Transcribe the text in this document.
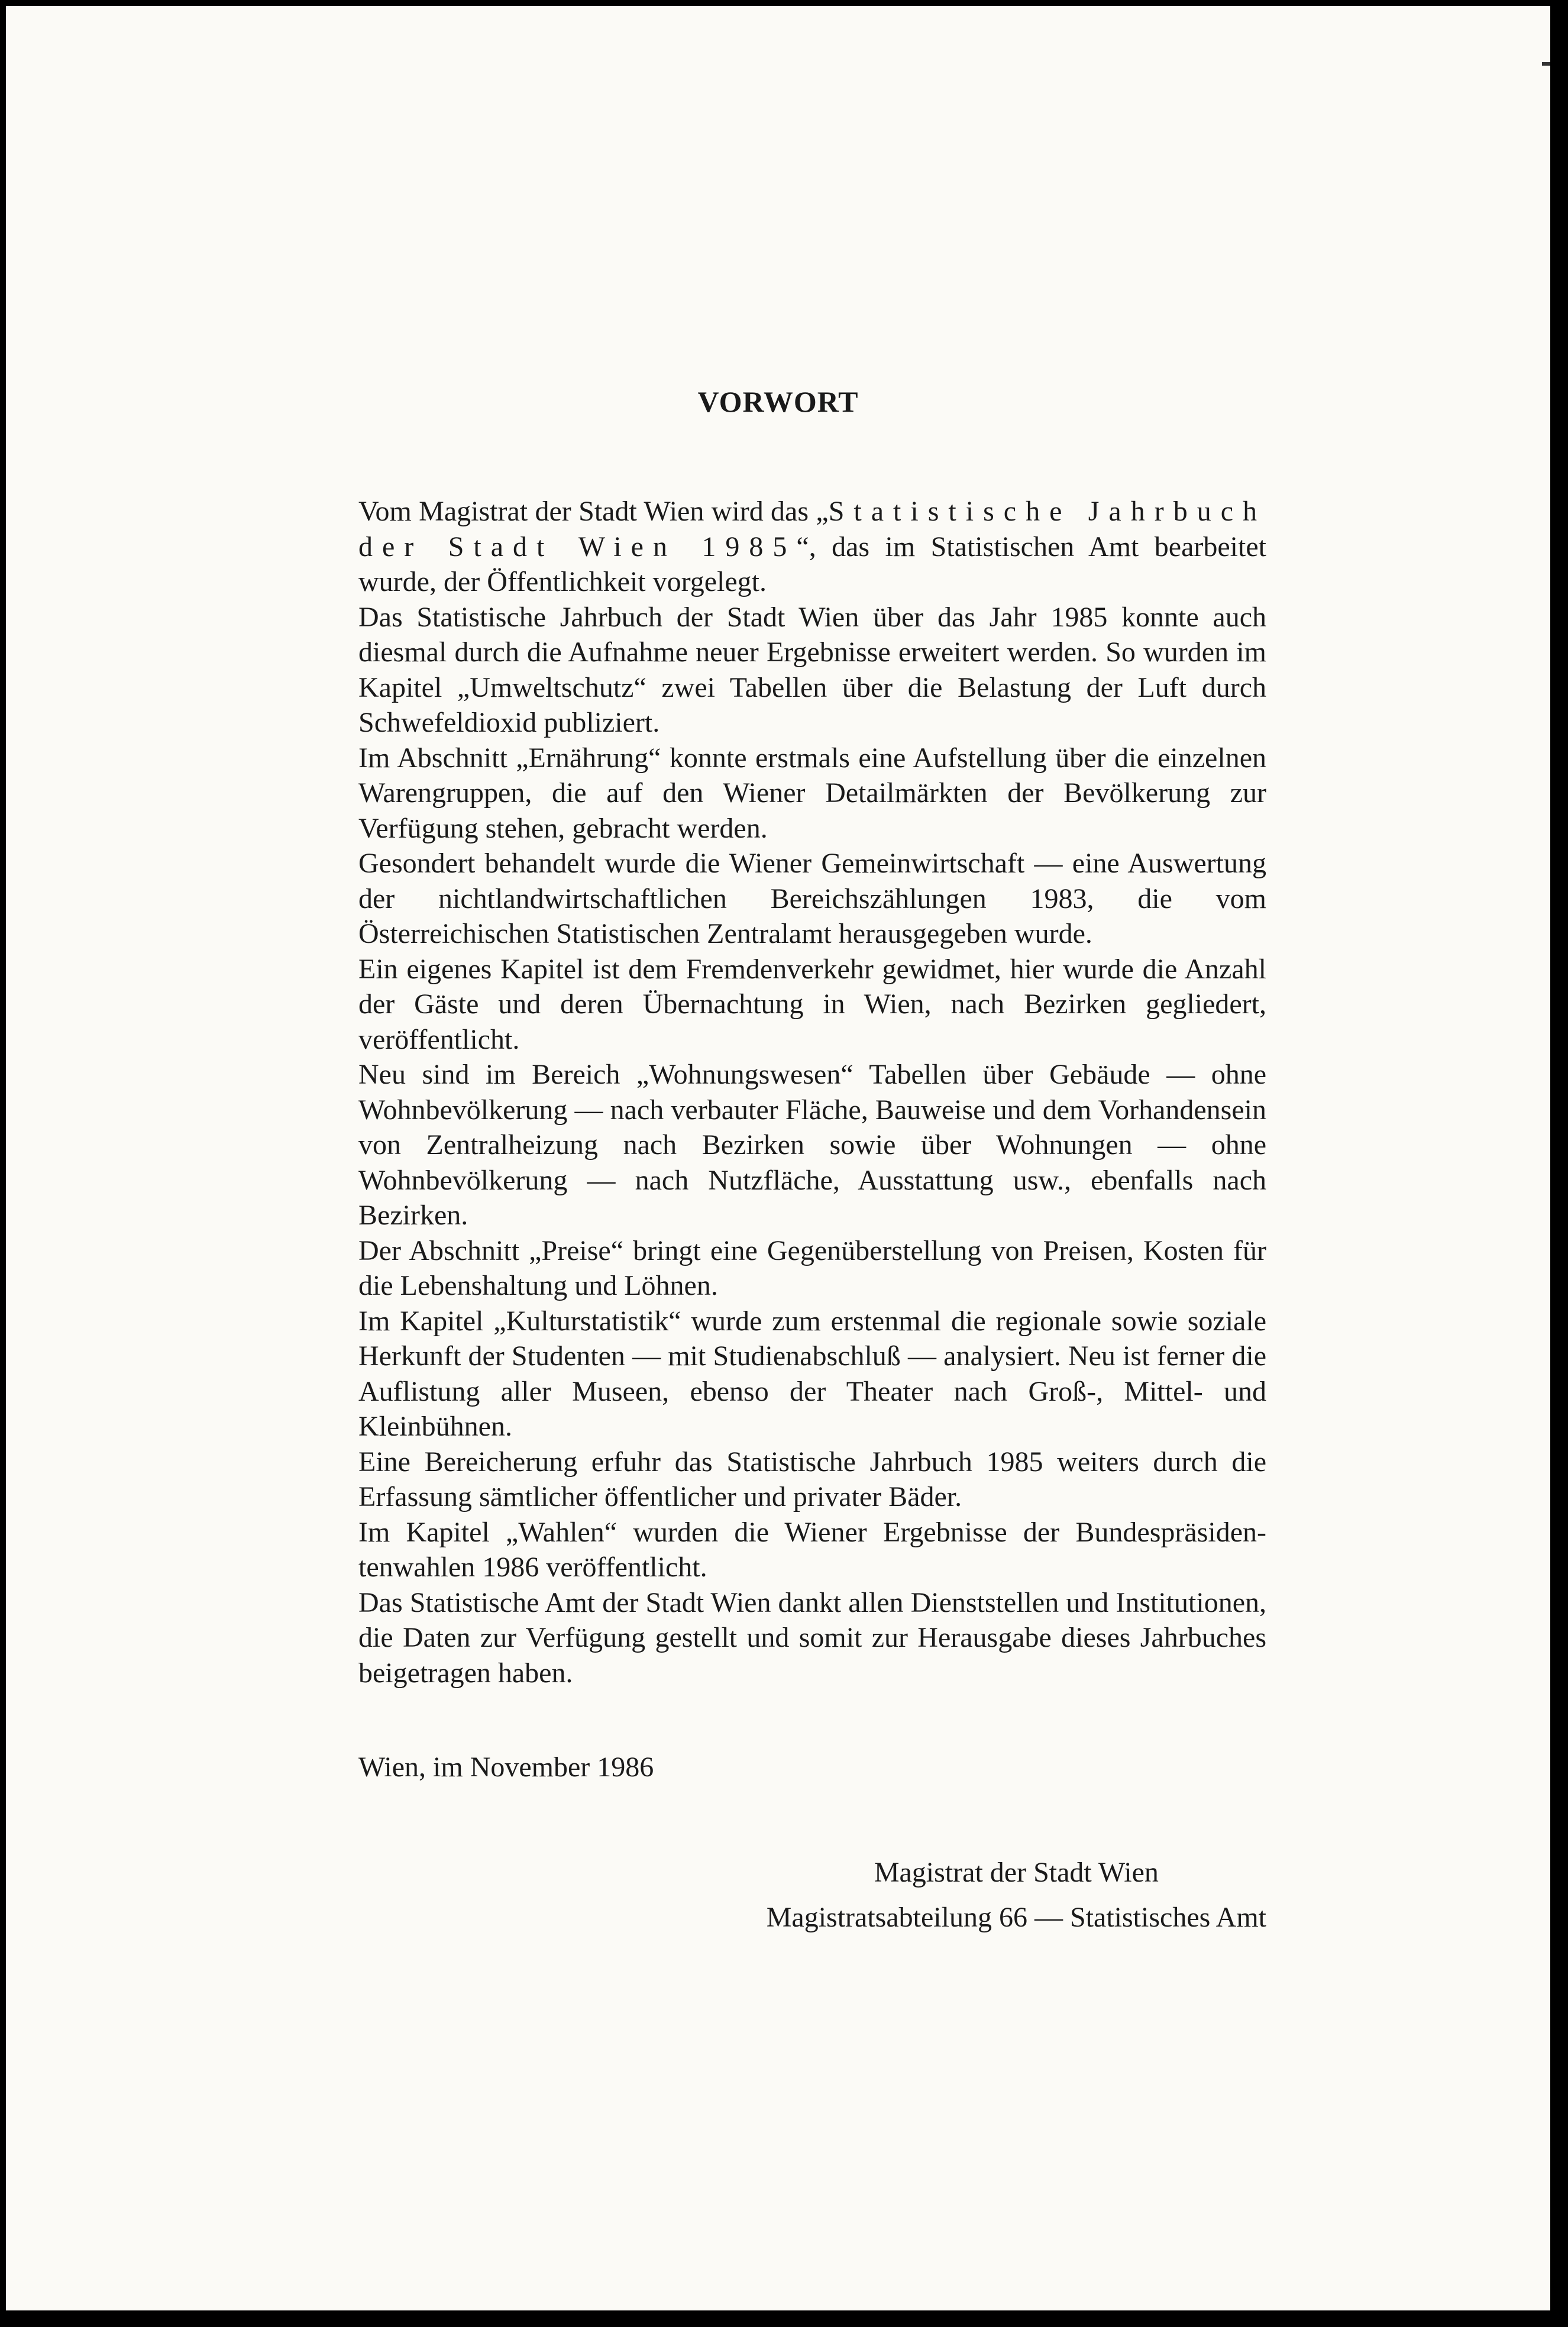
VORWORT

Vom Magistrat der Stadt Wien wird das „Statistische Jahrbuch der Stadt Wien 1985“, das im Statistischen Amt bearbeitet wurde, der Öffentlichkeit vorgelegt.

Das Statistische Jahrbuch der Stadt Wien über das Jahr 1985 konnte auch diesmal durch die Aufnahme neuer Ergebnisse erweitert werden. So wurden im Kapitel „Umweltschutz“ zwei Tabellen über die Belastung der Luft durch Schwefeldioxid publiziert.

Im Abschnitt „Ernährung“ konnte erstmals eine Aufstellung über die einzelnen Warengruppen, die auf den Wiener Detailmärkten der Bevölkerung zur Verfügung stehen, gebracht werden.

Gesondert behandelt wurde die Wiener Gemeinwirtschaft — eine Auswertung der nichtlandwirtschaftlichen Bereichszählungen 1983, die vom Österreichischen Statistischen Zentralamt herausgegeben wurde.

Ein eigenes Kapitel ist dem Fremdenverkehr gewidmet, hier wurde die Anzahl der Gäste und deren Übernachtung in Wien, nach Bezirken gegliedert, veröffentlicht.

Neu sind im Bereich „Wohnungswesen“ Tabellen über Gebäude — ohne Wohnbevölkerung — nach verbauter Fläche, Bauweise und dem Vorhandensein von Zentralheizung nach Bezirken sowie über Wohnungen — ohne Wohnbevölkerung — nach Nutzfläche, Ausstattung usw., ebenfalls nach Bezirken.

Der Abschnitt „Preise“ bringt eine Gegenüberstellung von Preisen, Kosten für die Lebenshaltung und Löhnen.

Im Kapitel „Kulturstatistik“ wurde zum erstenmal die regionale sowie soziale Herkunft der Studenten — mit Studienabschluß — analysiert. Neu ist ferner die Auflistung aller Museen, ebenso der Theater nach Groß-, Mittel- und Kleinbühnen.

Eine Bereicherung erfuhr das Statistische Jahrbuch 1985 weiters durch die Erfassung sämtlicher öffentlicher und privater Bäder.

Im Kapitel „Wahlen“ wurden die Wiener Ergebnisse der Bundespräsidentenwahlen 1986 veröffentlicht.

Das Statistische Amt der Stadt Wien dankt allen Dienststellen und Institutionen, die Daten zur Verfügung gestellt und somit zur Herausgabe dieses Jahrbuches beigetragen haben.

Wien, im November 1986
Magistrat der Stadt Wien
Magistratsabteilung 66 — Statistisches Amt
